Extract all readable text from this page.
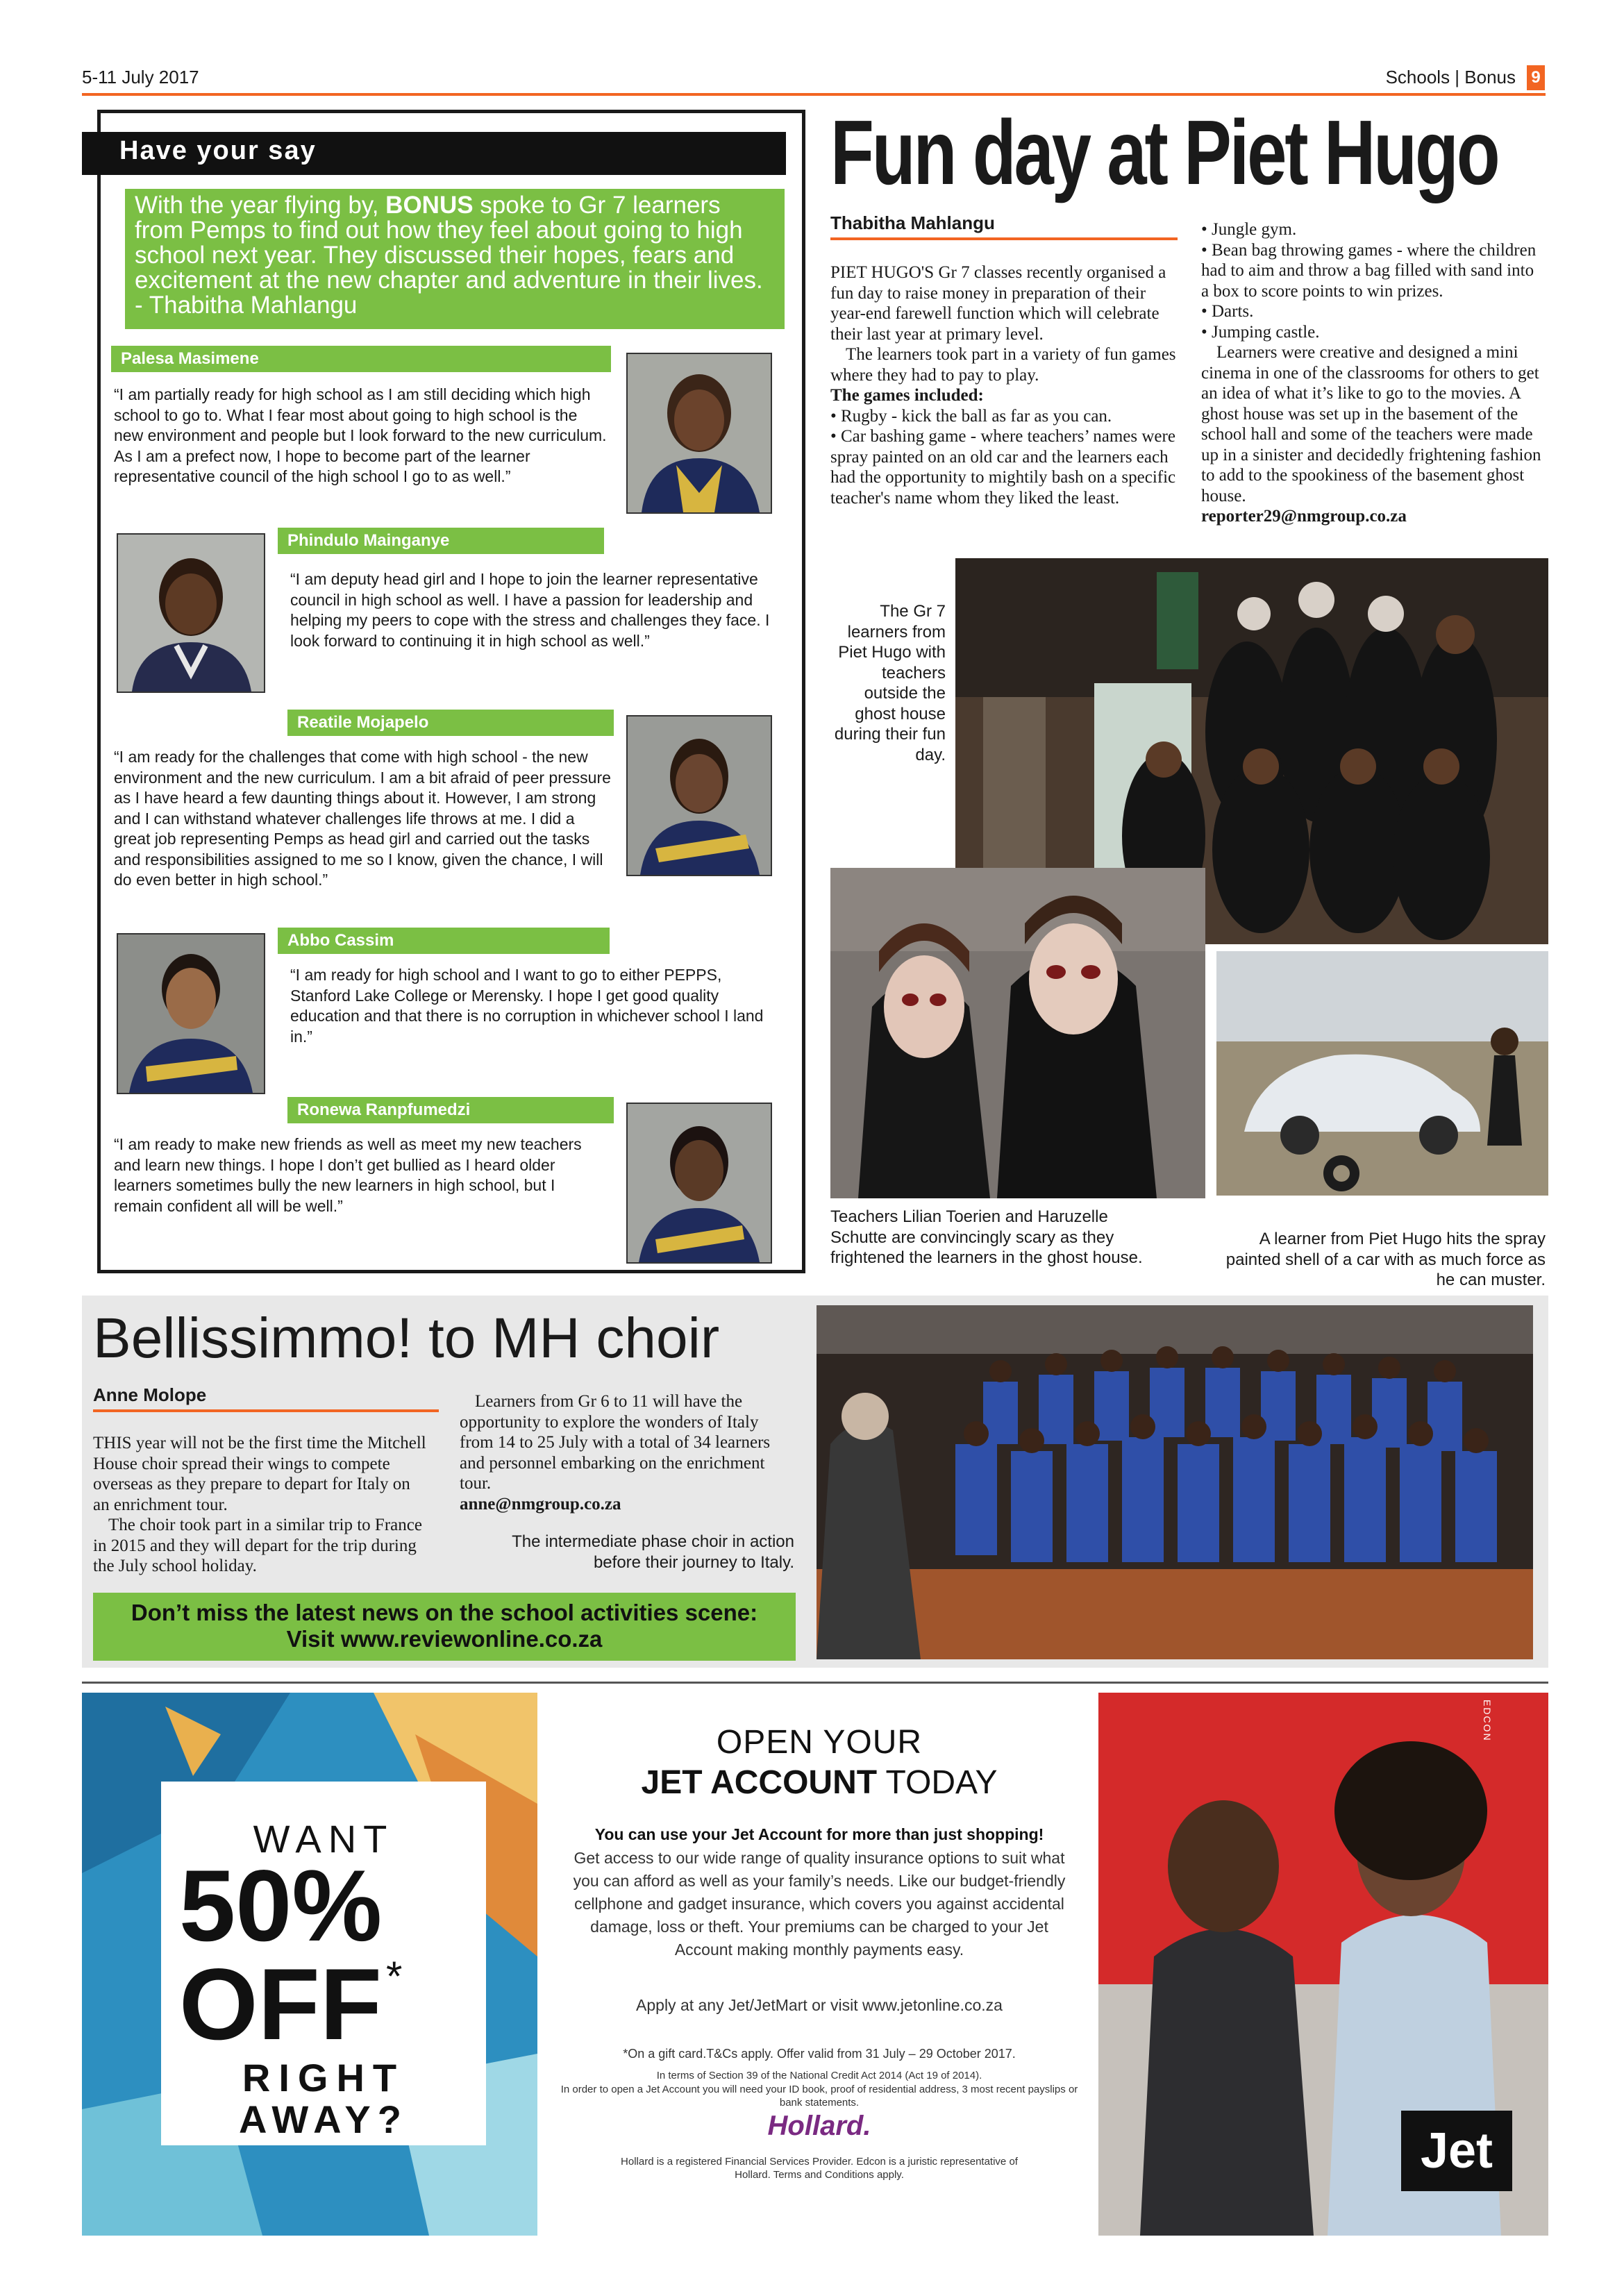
5-11 July 2017	Schools | Bonus 9
Have your say
With the year flying by, BONUS spoke to Gr 7 learners from Pemps to find out how they feel about going to high school next year. They discussed their hopes, fears and excitement at the new chapter and adventure in their lives. - Thabitha Mahlangu
Palesa Masimene
“I am partially ready for high school as I am still deciding which high school to go to. What I fear most about going to high school is the new environment and people but I look forward to the new curriculum. As I am a prefect now, I hope to become part of the learner representative council of the high school I go to as well.”
Phindulo Mainganye
“I am deputy head girl and I hope to join the learner representative council in high school as well. I have a passion for leadership and helping my peers to cope with the stress and challenges they face. I look forward to continuing it in high school as well.”
Reatile Mojapelo
“I am ready for the challenges that come with high school - the new environment and the new curriculum. I am a bit afraid of peer pressure as I have heard a few daunting things about it. However, I am strong and I can withstand whatever challenges life throws at me. I did a great job representing Pemps as head girl and carried out the tasks and responsibilities assigned to me so I know, given the chance, I will do even better in high school.”
Abbo Cassim
“I am ready for high school and I want to go to either PEPPS, Stanford Lake College or Merensky. I hope I get good quality education and that there is no corruption in whichever school I land in.”
Ronewa Ranpfumedzi
“I am ready to make new friends as well as meet my new teachers and learn new things. I hope I don’t get bullied as I heard older learners sometimes bully the new learners in high school, but I remain confident all will be well.”
Fun day at Piet Hugo
Thabitha Mahlangu
PIET HUGO'S Gr 7 classes recently organised a fun day to raise money in preparation of their year-end farewell function which will celebrate their last year at primary level.
The learners took part in a variety of fun games where they had to pay to play.
The games included:
• Rugby - kick the ball as far as you can.
• Car bashing game - where teachers’ names were spray painted on an old car and the learners each had the opportunity to mightily bash on a specific teacher's name whom they liked the least.
• Jungle gym.
• Bean bag throwing games - where the children had to aim and throw a bag filled with sand into a box to score points to win prizes.
• Darts.
• Jumping castle.
Learners were creative and designed a mini cinema in one of the classrooms for others to get an idea of what it’s like to go to the movies. A ghost house was set up in the basement of the school hall and some of the teachers were made up in a sinister and decidedly frightening fashion to add to the spookiness of the basement ghost house.
reporter29@nmgroup.co.za
The Gr 7 learners from Piet Hugo with teachers outside the ghost house during their fun day.
Teachers Lilian Toerien and Haruzelle Schutte are convincingly scary as they frightened the learners in the ghost house.
A learner from Piet Hugo hits the spray painted shell of a car with as much force as he can muster.
Bellissimmo! to MH choir
Anne Molope
THIS year will not be the first time the Mitchell House choir spread their wings to compete overseas as they prepare to depart for Italy on an enrichment tour.
The choir took part in a similar trip to France in 2015 and they will depart for the trip during the July school holiday.
Learners from Gr 6 to 11 will have the opportunity to explore the wonders of Italy from 14 to 25 July with a total of 34 learners and personnel embarking on the enrichment tour.
anne@nmgroup.co.za
The intermediate phase choir in action before their journey to Italy.
Don’t miss the latest news on the school activities scene:
Visit www.reviewonline.co.za
WANT
50%
OFF *
RIGHT
AWAY?
OPEN YOUR
JET ACCOUNT TODAY
You can use your Jet Account for more than just shopping!
Get access to our wide range of quality insurance options to suit what you can afford as well as your family’s needs. Like our budget-friendly cellphone and gadget insurance, which covers you against accidental damage, loss or theft. Your premiums can be charged to your Jet Account making monthly payments easy.
Apply at any Jet/JetMart or visit www.jetonline.co.za
*On a gift card.T&Cs apply. Offer valid from 31 July – 29 October 2017.
In terms of Section 39 of the National Credit Act 2014 (Act 19 of 2014).
In order to open a Jet Account you will need your ID book, proof of residential address, 3 most recent payslips or bank statements.
Hollard.
Hollard is a registered Financial Services Provider. Edcon is a juristic representative of Hollard. Terms and Conditions apply.
EDCON
Jet
